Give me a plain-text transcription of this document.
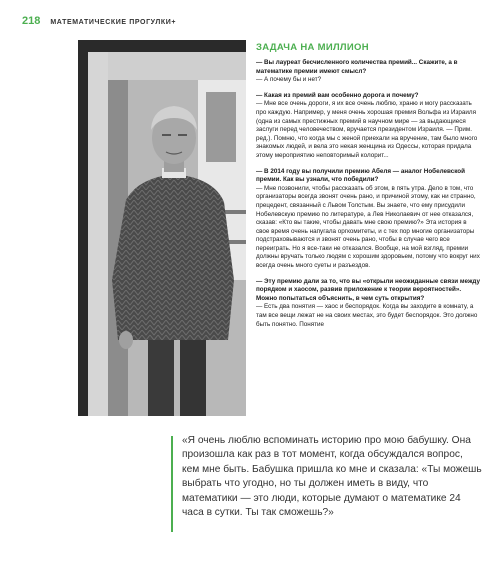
218 МАТЕМАТИЧЕСКИЕ ПРОГУЛКИ+
ЗАДАЧА НА МИЛЛИОН

— Вы лауреат бесчисленного количества премий... Скажите, а в математике премии имеют смысл?

— А почему бы и нет?

— Какая из премий вам особенно дорога и почему?

— Мне все очень дороги, я их все очень люблю, храню и могу рассказать про каждую. Например, у меня очень хорошая премия Вольфа из Израиля (одна из самых престижных премий в научном мире — за выдающиеся заслуги перед человечеством, вручается президентом Израиля. — Прим. ред.). Помню, что когда мы с женой приехали на вручение, там было много знакомых людей, и вела это некая женщина из Одессы, которая придала этому мероприятию неповторимый колорит...

— В 2014 году вы получили премию Абеля — аналог Нобелевской премии. Как вы узнали, что победили?

— Мне позвонили, чтобы рассказать об этом, в пять утра. Дело в том, что организаторы всегда звонят очень рано, и причиной этому, как ни странно, прецедент, связанный с Львом Толстым. Вы знаете, что ему присудили Нобелевскую премию по литературе, а Лев Николаевич от нее отказался, сказав: «Кто вы такие, чтобы давать мне свою премию?» Эта история в свое время очень напугала оргкомитеты, и с тех пор многие организаторы подстраховываются и звонят очень рано, чтобы в случае чего все переиграть. Но я все-таки не отказался. Вообще, на мой взгляд, премии должны вручать только людям с хорошим здоровьем, потому что вокруг них всегда очень много суеты и разъездов.

— Эту премию дали за то, что вы «открыли неожиданные связи между порядком и хаосом, развив приложение к теории вероятностей». Можно попытаться объяснить, в чем суть открытия?

— Есть два понятия — хаос и беспорядок. Когда вы заходите в комнату, а там все вещи лежат не на своих местах, это будет беспорядок. Это должно быть понятно. Понятие

«Я очень люблю вспоминать историю про мою бабушку. Она произошла как раз в тот момент, когда обсуждался вопрос, кем мне быть. Бабушка пришла ко мне и сказала: «Ты можешь выбрать что угодно, но ты должен иметь в виду, что математики — это люди, которые думают о математике 24 часа в сутки. Ты так сможешь?»
